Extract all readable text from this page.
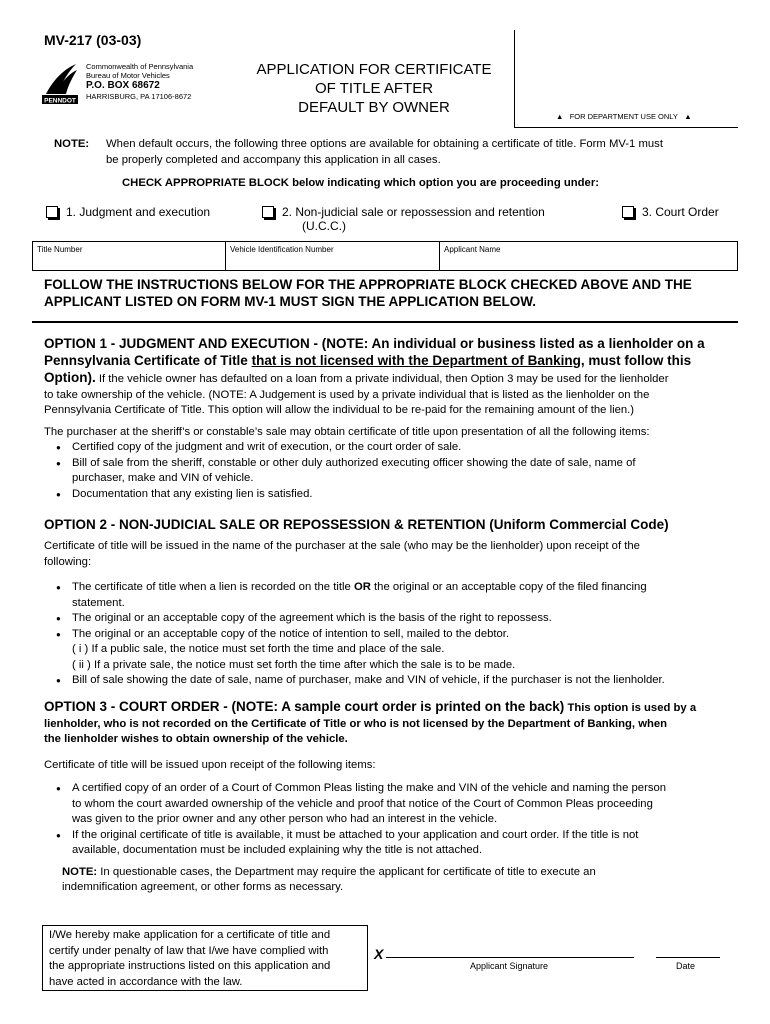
MV-217 (03-03)
PENNDOT
Commonwealth of Pennsylvania
Bureau of Motor Vehicles
P.O. BOX 68672
HARRISBURG, PA 17106-8672
APPLICATION FOR CERTIFICATE
OF TITLE AFTER
DEFAULT BY OWNER
▲ FOR DEPARTMENT USE ONLY ▲
NOTE: When default occurs, the following three options are available for obtaining a certificate of title. Form MV-1 must
be properly completed and accompany this application in all cases.
CHECK APPROPRIATE BLOCK below indicating which option you are proceeding under:
1. Judgment and execution	2. Non-judicial sale or repossession and retention
(U.C.C.)
3. Court Order
Title Number	Vehicle Identification Number	Applicant Name
FOLLOW THE INSTRUCTIONS BELOW FOR THE APPROPRIATE BLOCK CHECKED ABOVE AND THE
APPLICANT LISTED ON FORM MV-1 MUST SIGN THE APPLICATION BELOW.
OPTION 1 - JUDGMENT AND EXECUTION - (NOTE: An individual or business listed as a lienholder on a
Pennsylvania Certificate of Title that is not licensed with the Department of Banking, must follow this
Option). If the vehicle owner has defaulted on a loan from a private individual, then Option 3 may be used for the lienholder
to take ownership of the vehicle. (NOTE: A Judgement is used by a private individual that is listed as the lienholder on the
Pennsylvania Certificate of Title. This option will allow the individual to be re-paid for the remaining amount of the lien.)
The purchaser at the sheriff’s or constable’s sale may obtain certificate of title upon presentation of all the following items:
● Certified copy of the judgment and writ of execution, or the court order of sale.
● Bill of sale from the sheriff, constable or other duly authorized executing officer showing the date of sale, name of
purchaser, make and VIN of vehicle.
● Documentation that any existing lien is satisfied.
OPTION 2 - NON-JUDICIAL SALE OR REPOSSESSION & RETENTION (Uniform Commercial Code)
Certificate of title will be issued in the name of the purchaser at the sale (who may be the lienholder) upon receipt of the
following:
● The certificate of title when a lien is recorded on the title OR the original or an acceptable copy of the filed financing
statement.
● The original or an acceptable copy of the agreement which is the basis of the right to repossess.
● The original or an acceptable copy of the notice of intention to sell, mailed to the debtor.
( i ) If a public sale, the notice must set forth the time and place of the sale.
( ii ) If a private sale, the notice must set forth the time after which the sale is to be made.
● Bill of sale showing the date of sale, name of purchaser, make and VIN of vehicle, if the purchaser is not the lienholder.
OPTION 3 - COURT ORDER - (NOTE: A sample court order is printed on the back) This option is used by a
lienholder, who is not recorded on the Certificate of Title or who is not licensed by the Department of Banking, when
the lienholder wishes to obtain ownership of the vehicle.
Certificate of title will be issued upon receipt of the following items:
● A certified copy of an order of a Court of Common Pleas listing the make and VIN of the vehicle and naming the person
to whom the court awarded ownership of the vehicle and proof that notice of the Court of Common Pleas proceeding
was given to the prior owner and any other person who had an interest in the vehicle.
● If the original certificate of title is available, it must be attached to your application and court order. If the title is not
available, documentation must be included explaining why the title is not attached.
NOTE: In questionable cases, the Department may require the applicant for certificate of title to execute an
indemnification agreement, or other forms as necessary.
I/We hereby make application for a certificate of title and
certify under penalty of law that I/we have complied with
the appropriate instructions listed on this application and
have acted in accordance with the law.
X
Applicant Signature	Date
